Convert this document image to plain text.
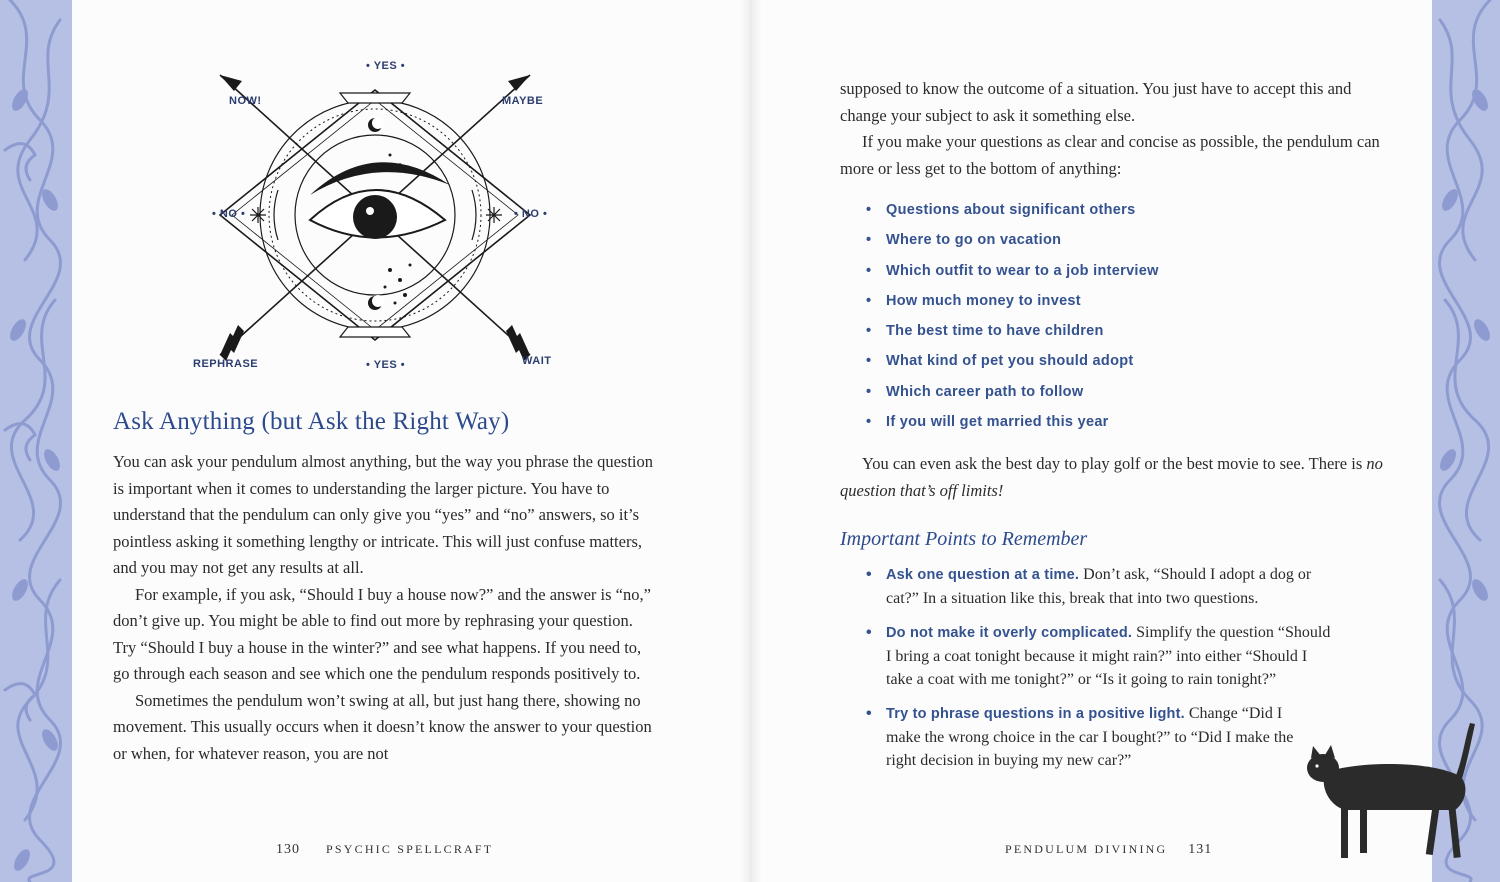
• YES •
NOW!	MAYBE
• NO •	• NO •
REPHRASE	• YES •	WAIT
Ask Anything (but Ask the Right Way)

You can ask your pendulum almost anything, but the way you phrase the question is important when it comes to understanding the larger picture. You have to understand that the pendulum can only give you “yes” and “no” answers, so it’s pointless asking it something lengthy or intricate. This will just confuse matters, and you may not get any results at all.

For example, if you ask, “Should I buy a house now?” and the answer is “no,” don’t give up. You might be able to find out more by rephrasing your question. Try “Should I buy a house in the winter?” and see what happens. If you need to, go through each season and see which one the pendulum responds positively to.

Sometimes the pendulum won’t swing at all, but just hang there, showing no movement. This usually occurs when it doesn’t know the answer to your question or when, for whatever reason, you are not

130 PSYCHIC SPELLCRAFT

supposed to know the outcome of a situation. You just have to accept this and change your subject to ask it something else.

If you make your questions as clear and concise as possible, the pendulum can more or less get to the bottom of anything:

• Questions about significant others
• Where to go on vacation
• Which outfit to wear to a job interview
• How much money to invest
• The best time to have children
• What kind of pet you should adopt
• Which career path to follow
• If you will get married this year

You can even ask the best day to play golf or the best movie to see. There is no question that’s off limits!

Important Points to Remember
• Ask one question at a time. Don’t ask, “Should I adopt a dog or cat?” In a situation like this, break that into two questions.
• Do not make it overly complicated. Simplify the question “Should I bring a coat tonight because it might rain?” into either “Should I take a coat with me tonight?” or “Is it going to rain tonight?”
• Try to phrase questions in a positive light. Change “Did I make the wrong choice in the car I bought?” to “Did I make the right decision in buying my new car?”
PENDULUM DIVINING 131
